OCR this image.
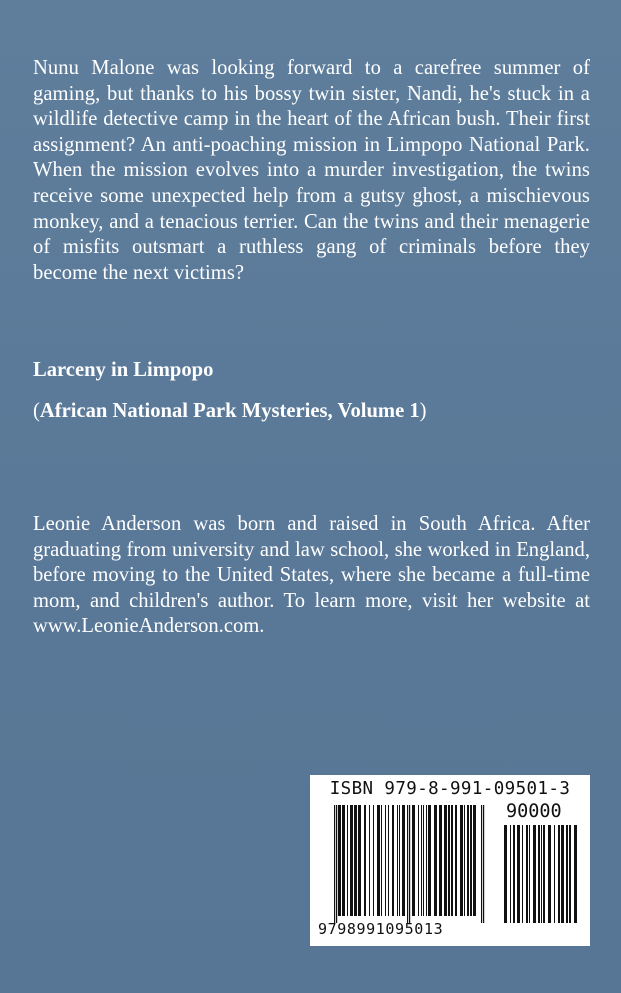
Nunu Malone was looking forward to a carefree summer of gaming, but thanks to his bossy twin sister, Nandi, he's stuck in a wildlife detective camp in the heart of the African bush. Their first assignment? An anti-poaching mission in Limpopo National Park. When the mission evolves into a murder investigation, the twins receive some unexpected help from a gutsy ghost, a mischievous monkey, and a tenacious terrier. Can the twins and their menagerie of misfits outsmart a ruthless gang of criminals before they become the next victims?

Larceny in Limpopo

(African National Park Mysteries, Volume 1)

Leonie Anderson was born and raised in South Africa. After graduating from university and law school, she worked in England, before moving to the United States, where she became a full-time mom, and children's author. To learn more, visit her website at www.LeonieAnderson.com.

ISBN 979-8-991-09501-3

90000

9798991095013
